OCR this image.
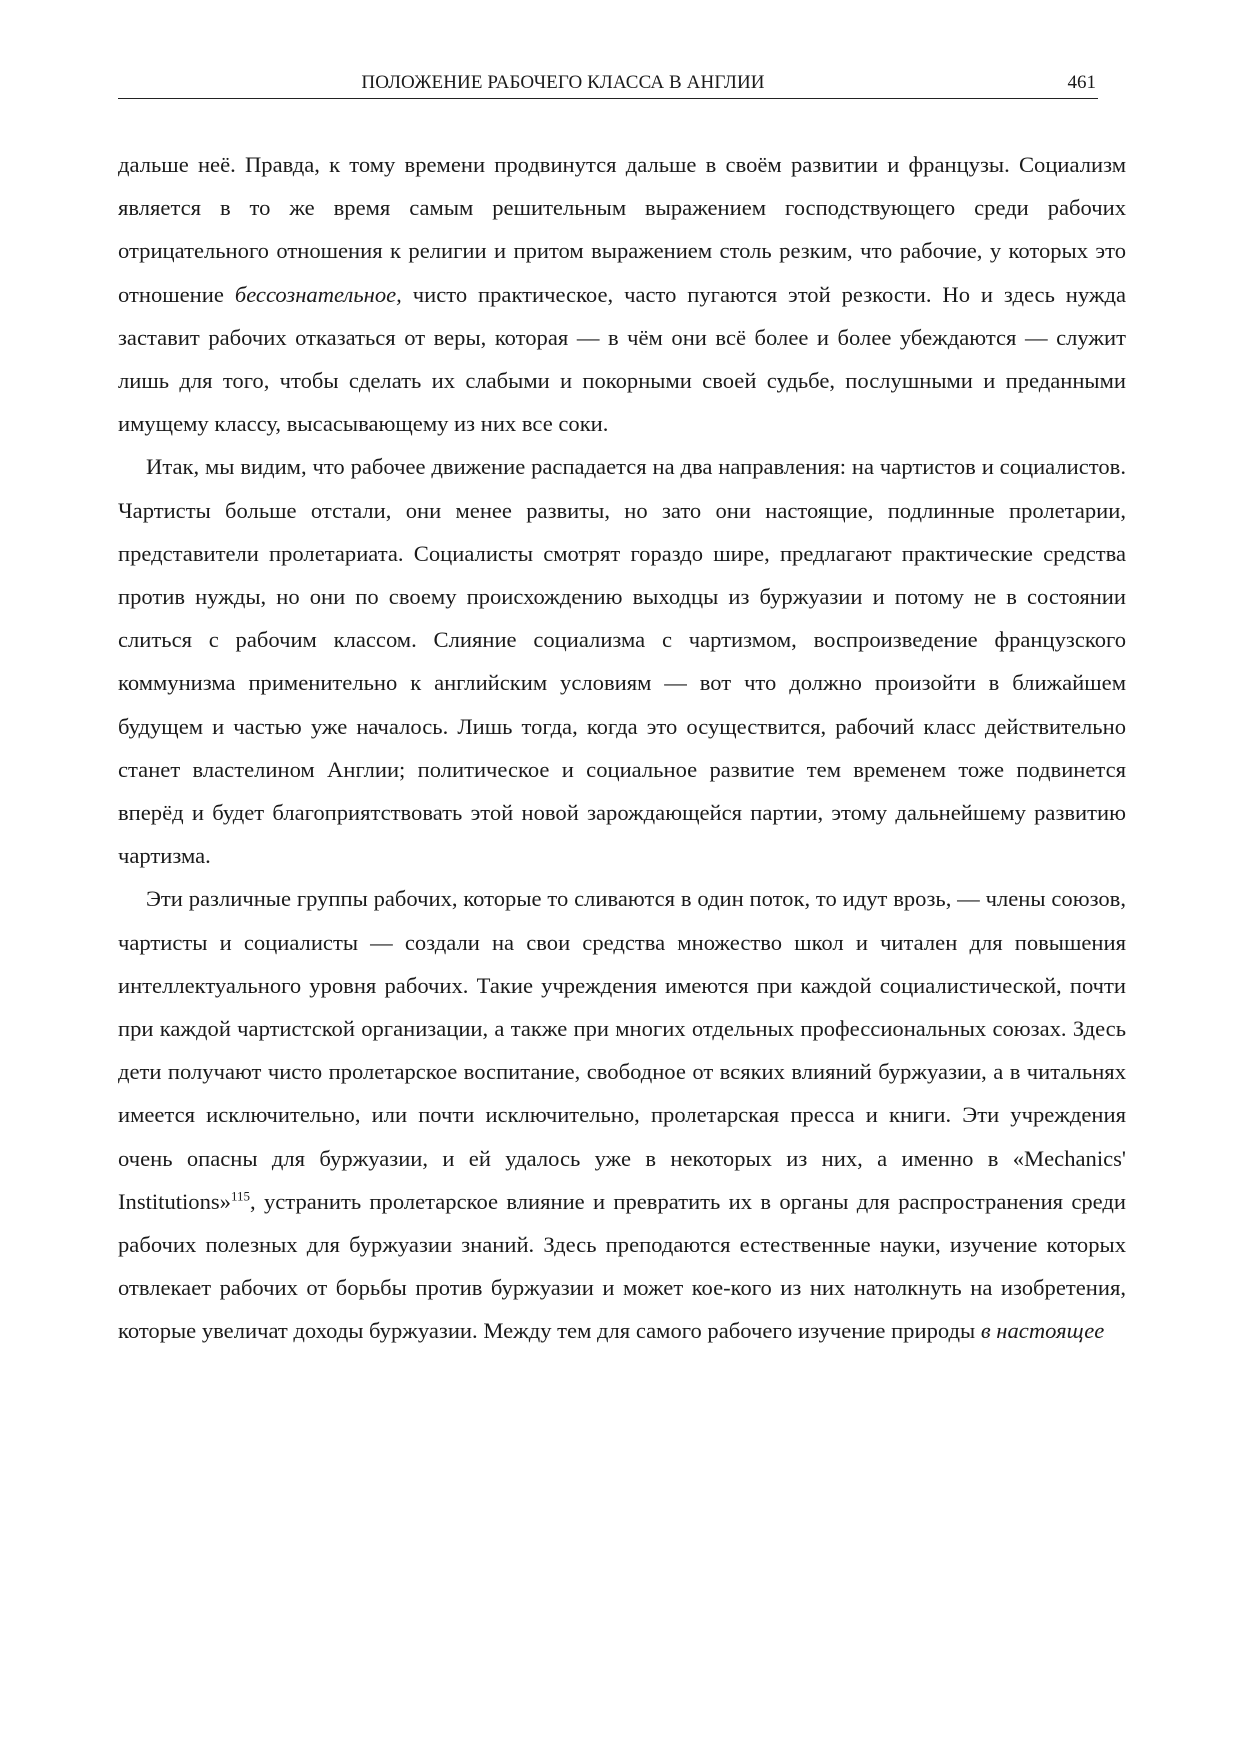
ПОЛОЖЕНИЕ РАБОЧЕГО КЛАССА В АНГЛИИ	461

дальше неё. Правда, к тому времени продвинутся дальше в своём развитии и французы. Социализм является в то же время самым решительным выражением господствующего среди рабочих отрицательного отношения к религии и притом выражением столь резким, что рабочие, у которых это отношение бессознательное, чисто практическое, часто пугаются этой резкости. Но и здесь нужда заставит рабочих отказаться от веры, которая — в чём они всё более и более убеждаются — служит лишь для того, чтобы сделать их слабыми и покорными своей судьбе, послушными и преданными имущему классу, высасывающему из них все соки.

Итак, мы видим, что рабочее движение распадается на два направления: на чартистов и социалистов. Чартисты больше отстали, они менее развиты, но зато они настоящие, подлинные пролетарии, представители пролетариата. Социалисты смотрят гораздо шире, предлагают практические средства против нужды, но они по своему происхождению выходцы из буржуазии и потому не в состоянии слиться с рабочим классом. Слияние социализма с чартизмом, воспроизведение французского коммунизма применительно к английским условиям — вот что должно произойти в ближайшем будущем и частью уже началось. Лишь тогда, когда это осуществится, рабочий класс действительно станет властелином Англии; политическое и социальное развитие тем временем тоже подвинется вперёд и будет благоприятствовать этой новой зарождающейся партии, этому дальнейшему развитию чартизма.

Эти различные группы рабочих, которые то сливаются в один поток, то идут врозь, — члены союзов, чартисты и социалисты — создали на свои средства множество школ и читален для повышения интеллектуального уровня рабочих. Такие учреждения имеются при каждой социалистической, почти при каждой чартистской организации, а также при многих отдельных профессиональных союзах. Здесь дети получают чисто пролетарское воспитание, свободное от всяких влияний буржуазии, а в читальнях имеется исключительно, или почти исключительно, пролетарская пресса и книги. Эти учреждения очень опасны для буржуазии, и ей удалось уже в некоторых из них, а именно в «Mechanics' Institutions»$^{115}$, устранить пролетарское влияние и превратить их в органы для распространения среди рабочих полезных для буржуазии знаний. Здесь преподаются естественные науки, изучение которых отвлекает рабочих от борьбы против буржуазии и может кое-кого из них натолкнуть на изобретения, которые увеличат доходы буржуазии. Между тем для самого рабочего изучение природы в настоящее
